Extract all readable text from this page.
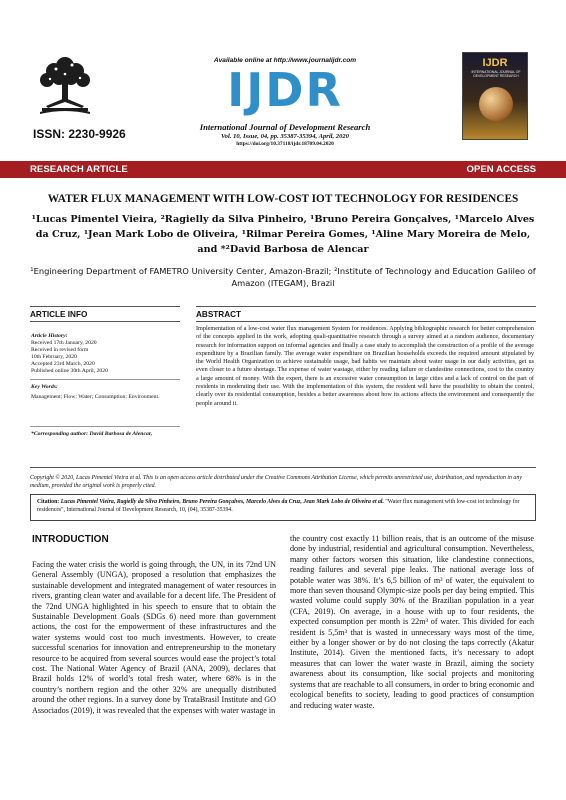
ISSN: 2230-9926
Available online at http://www.journalijdr.com
IJDR
International Journal of Development Research
Vol. 10, Issue, 04, pp. 35387-35394, April, 2020
https://doi.org/10.37118/ijdr.18709.04.2020
IJDR
INTERNATIONAL JOURNAL OF DEVELOPMENT RESEARCH
RESEARCH ARTICLE	OPEN ACCESS
WATER FLUX MANAGEMENT WITH LOW-COST IOT TECHNOLOGY FOR RESIDENCES
¹Lucas Pimentel Vieira, ²Ragielly da Silva Pinheiro, ¹Bruno Pereira Gonçalves, ¹Marcelo Alves da Cruz, ¹Jean Mark Lobo de Oliveira, ¹Rilmar Pereira Gomes, ¹Aline Mary Moreira de Melo, and *²David Barbosa de Alencar
¹Engineering Department of FAMETRO University Center, Amazon-Brazil; ²Institute of Technology and Education Galileo of Amazon (ITEGAM), Brazil
ARTICLE INFO	ABSTRACT
Article History:
Received 17th January, 2020
Received in revised form
10th February, 2020
Accepted 23rd March, 2020
Published online 30th April, 2020
Key Words:
Management; Flow; Water; Consumption; Environment.
*Corresponding author: David Barbosa de Alencar,
Implementation of a low-cost water flux management System for residences. Applying bibliographic research for better comprehension of the concepts applied in the work, adopting quali-quantitative research through a survey aimed at a random audience, documentary research for information support on informal agencies and finally a case study to accomplish the construction of a profile of the average expenditure by a Brazilian family. The average water expenditure on Brazilian households exceeds the required amount stipulated by the World Health Organization to achieve sustainable usage, bad habits we maintain about water usage in our daily activities, get us even closer to a future shortage. The expense of water wastage, either by reading failure or clandestine connections, cost to the country a large amount of money. With the expert, there is an excessive water consumption in large cities and a lack of control on the part of residents in moderating their use. With the implementation of this system, the resident will have the possibility to obtain the control, clearly over its residential consumption, besides a better awareness about how its actions affects the environment and consequently the people around it.
Copyright © 2020, Lucas Pimentel Vieira et al. This is an open access article distributed under the Creative Commons Attribution License, which permits unrestricted use, distribution, and reproduction in any medium, provided the original work is properly cited.
Citation: Lucas Pimentel Vieira, Ragielly da Silva Pinheiro, Bruno Pereira Gonçalves, Marcelo Alves da Cruz, Jean Mark Lobo de Oliveira et al. "Water flux management with low-cost iot technology for residences", International Journal of Development Research, 10, (04), 35387-35394.
INTRODUCTION
Facing the water crisis the world is going through, the UN, in its 72nd UN General Assembly (UNGA), proposed a resolution that emphasizes the sustainable development and integrated management of water resources in rivers, granting clean water and available for a decent life. The President of the 72nd UNGA highlighted in his speech to ensure that to obtain the Sustainable Development Goals (SDGs 6) need more than government actions, the cost for the empowerment of these infrastructures and the water systems would cost too much investments. However, to create successful scenarios for innovation and entrepreneurship to the monetary resource to be acquired from several sources would ease the project’s total cost. The National Water Agency of Brazil (ANA, 2009), declares that Brazil holds 12% of world’s total fresh water, where 68% is in the country’s northern region and the other 32% are unequally distributed around the other regions. In a survey done by TrataBrasil Institute and GO Associados (2019), it was revealed that the expenses with water wastage in
the country cost exactly 11 billion reais, that is an outcome of the misuse done by industrial, residential and agricultural consumption. Nevertheless, many other factors worsen this situation, like clandestine connections, reading failures and several pipe leaks. The national average loss of potable water was 38%. It’s 6,5 billion of m³ of water, the equivalent to more than seven thousand Olympic-size pools per day being emptied. This wasted volume could supply 30% of the Brazilian population in a year (CFA, 2019). On average, in a house with up to four residents, the expected consumption per month is 22m³ of water. This divided for each resident is 5,5m³ that is wasted in unnecessary ways most of the time, either by a longer shower or by do not closing the taps correctly (Akatur Institute, 2014). Given the mentioned facts, it’s necessary to adopt measures that can lower the water waste in Brazil, aiming the society awareness about its consumption, like social projects and monitoring systems that are reachable to all consumers, in order to bring economic and ecological benefits to society, leading to good practices of consumption and reducing water waste.
